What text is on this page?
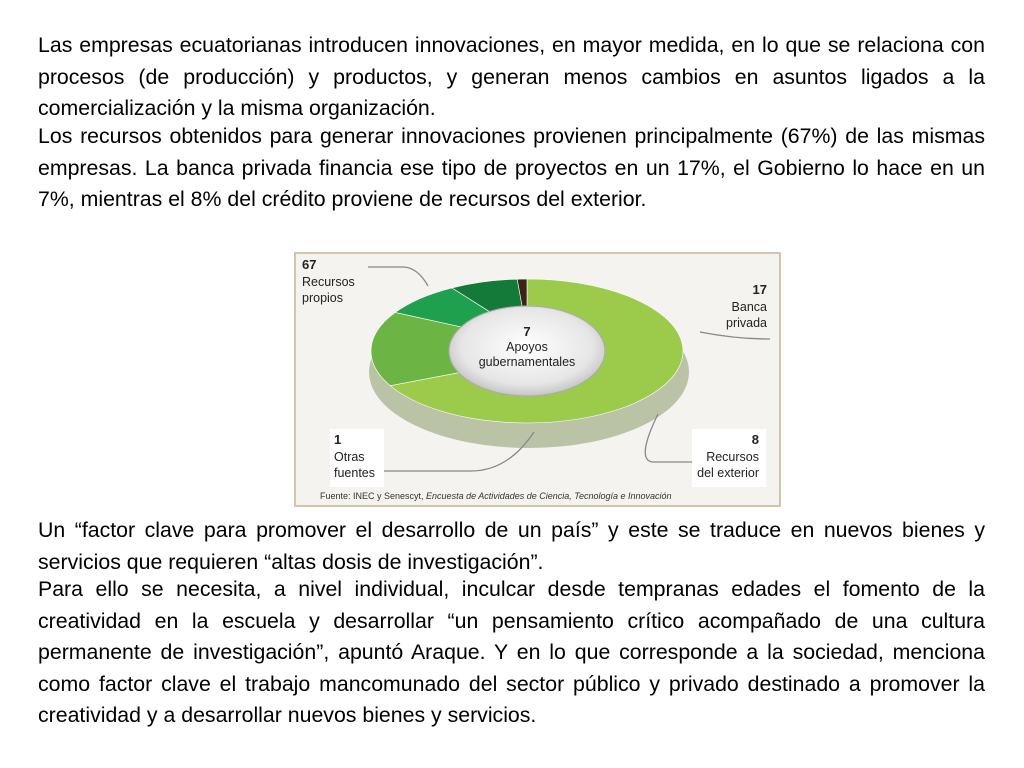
Las empresas ecuatorianas introducen innovaciones, en mayor medida, en lo que se relaciona con procesos (de producción) y productos, y generan menos cambios en asuntos ligados a la comercialización y la misma organización.

Los recursos obtenidos para generar innovaciones provienen principalmente (67%) de las mismas empresas. La banca privada financia ese tipo de proyectos en un 17%, el Gobierno lo hace en un 7%, mientras el 8% del crédito proviene de recursos del exterior.

67
Recursos
propios
17
Banca
privada
7
Apoyos
gubernamentales
1
Otras
fuentes
8
Recursos
del exterior
Fuente: INEC y Senescyt, Encuesta de Actividades de Ciencia, Tecnología e Innovación

Un “factor clave para promover el desarrollo de un país” y este se traduce en nuevos bienes y servicios que requieren “altas dosis de investigación”.

Para ello se necesita, a nivel individual, inculcar desde tempranas edades el fomento de la creatividad en la escuela y desarrollar “un pensamiento crítico acompañado de una cultura permanente de investigación”, apuntó Araque. Y en lo que corresponde a la sociedad, menciona como factor clave el trabajo mancomunado del sector público y privado destinado a promover la creatividad y a desarrollar nuevos bienes y servicios.
